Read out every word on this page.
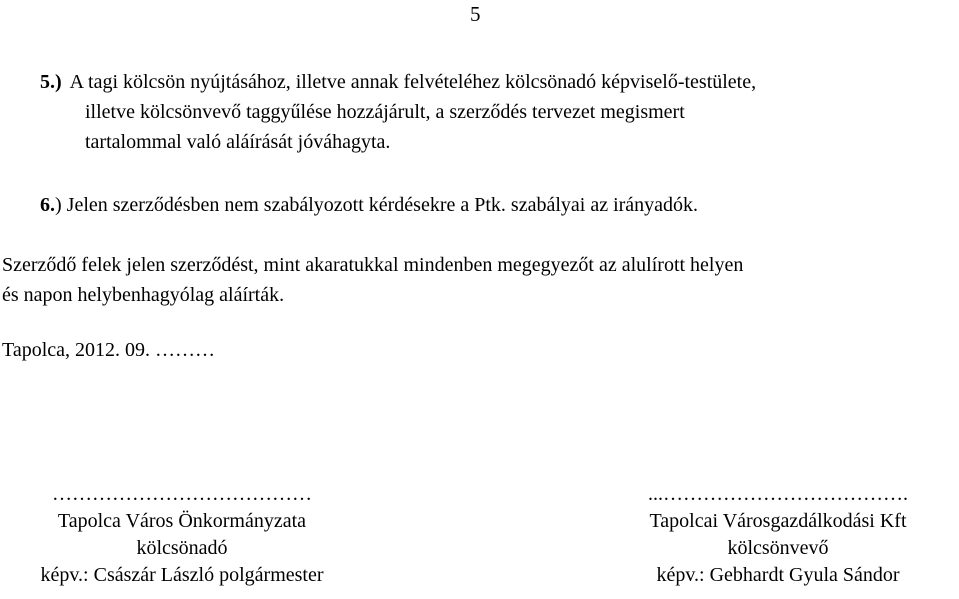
5
5.) A tagi kölcsön nyújtásához, illetve annak felvételéhez kölcsönadó képviselő-testülete,
illetve kölcsönvevő taggyűlése hozzájárult, a szerződés tervezet megismert
tartalommal való aláírását jóváhagyta.
6.) Jelen szerződésben nem szabályozott kérdésekre a Ptk. szabályai az irányadók.
Szerződő felek jelen szerződést, mint akaratukkal mindenben megegyezőt az alulírott helyen
és napon helybenhagyólag aláírták.
Tapolca, 2012. 09. ………
…………………………………
Tapolca Város Önkormányzata
kölcsönadó
képv.: Császár László polgármester
...……………………………….
Tapolcai Városgazdálkodási Kft
kölcsönvevő
képv.: Gebhardt Gyula Sándor
